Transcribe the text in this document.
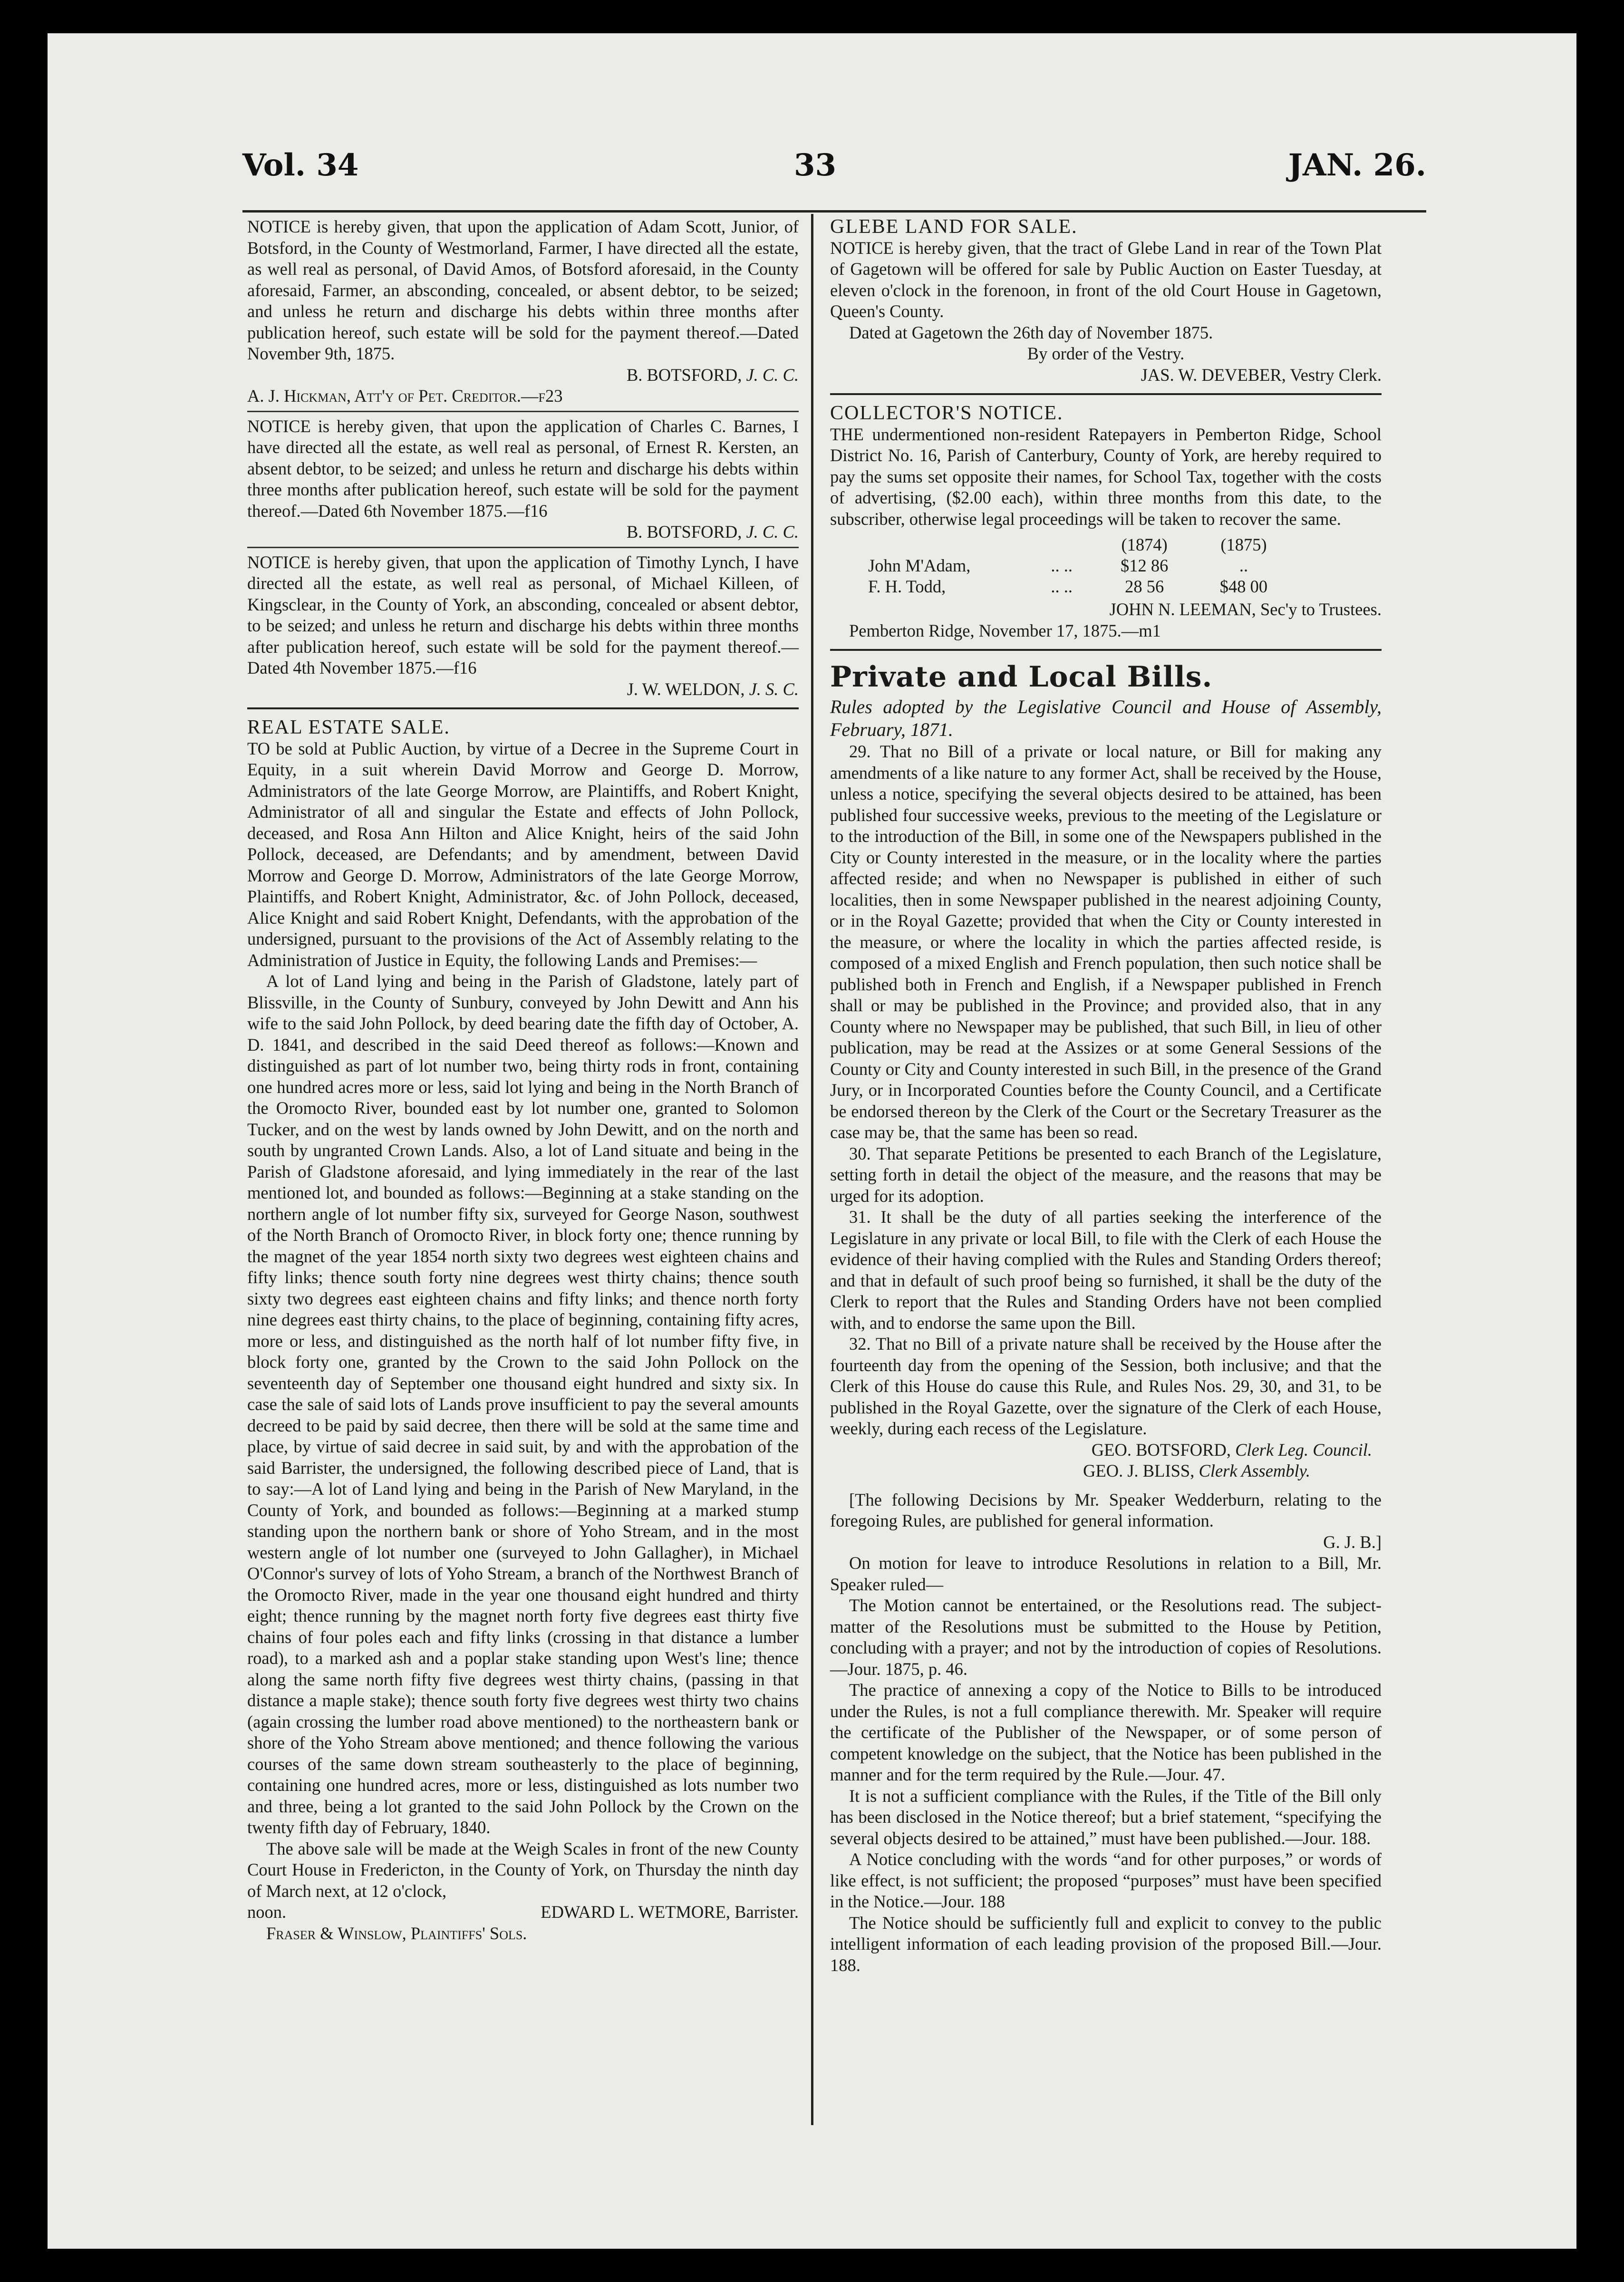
Vol. 34	33	JAN. 26.

NOTICE is hereby given, that upon the application of Adam Scott, Junior, of Botsford, in the County of Westmorland, Farmer, I have directed all the estate, as well real as personal, of David Amos, of Botsford aforesaid, in the County aforesaid, Farmer, an absconding, concealed, or absent debtor, to be seized; and unless he return and discharge his debts within three months after publication hereof, such estate will be sold for the payment thereof.—Dated November 9th, 1875.

B. BOTSFORD, J. C. C.

A. J. Hickman, Att'y of Pet. Creditor.—f23

NOTICE is hereby given, that upon the application of Charles C. Barnes, I have directed all the estate, as well real as personal, of Ernest R. Kersten, an absent debtor, to be seized; and unless he return and discharge his debts within three months after publication hereof, such estate will be sold for the payment thereof.—Dated 6th November 1875.—f16

B. BOTSFORD, J. C. C.

NOTICE is hereby given, that upon the application of Timothy Lynch, I have directed all the estate, as well real as personal, of Michael Killeen, of Kingsclear, in the County of York, an absconding, concealed or absent debtor, to be seized; and unless he return and discharge his debts within three months after publication hereof, such estate will be sold for the payment thereof.—Dated 4th November 1875.—f16

J. W. WELDON, J. S. C.

REAL ESTATE SALE.

TO be sold at Public Auction, by virtue of a Decree in the Supreme Court in Equity, in a suit wherein David Morrow and George D. Morrow, Administrators of the late George Morrow, are Plaintiffs, and Robert Knight, Administrator of all and singular the Estate and effects of John Pollock, deceased, and Rosa Ann Hilton and Alice Knight, heirs of the said John Pollock, deceased, are Defendants; and by amendment, between David Morrow and George D. Morrow, Administrators of the late George Morrow, Plaintiffs, and Robert Knight, Administrator, &c. of John Pollock, deceased, Alice Knight and said Robert Knight, Defendants, with the approbation of the undersigned, pursuant to the provisions of the Act of Assembly relating to the Administration of Justice in Equity, the following Lands and Premises:—

A lot of Land lying and being in the Parish of Gladstone, lately part of Blissville, in the County of Sunbury, conveyed by John Dewitt and Ann his wife to the said John Pollock, by deed bearing date the fifth day of October, A. D. 1841, and described in the said Deed thereof as follows:—Known and distinguished as part of lot number two, being thirty rods in front, containing one hundred acres more or less, said lot lying and being in the North Branch of the Oromocto River, bounded east by lot number one, granted to Solomon Tucker, and on the west by lands owned by John Dewitt, and on the north and south by ungranted Crown Lands. Also, a lot of Land situate and being in the Parish of Gladstone aforesaid, and lying immediately in the rear of the last mentioned lot, and bounded as follows:—Beginning at a stake standing on the northern angle of lot number fifty six, surveyed for George Nason, southwest of the North Branch of Oromocto River, in block forty one; thence running by the magnet of the year 1854 north sixty two degrees west eighteen chains and fifty links; thence south forty nine degrees west thirty chains; thence south sixty two degrees east eighteen chains and fifty links; and thence north forty nine degrees east thirty chains, to the place of beginning, containing fifty acres, more or less, and distinguished as the north half of lot number fifty five, in block forty one, granted by the Crown to the said John Pollock on the seventeenth day of September one thousand eight hundred and sixty six. In case the sale of said lots of Lands prove insufficient to pay the several amounts decreed to be paid by said decree, then there will be sold at the same time and place, by virtue of said decree in said suit, by and with the approbation of the said Barrister, the undersigned, the following described piece of Land, that is to say:—A lot of Land lying and being in the Parish of New Maryland, in the County of York, and bounded as follows:—Beginning at a marked stump standing upon the northern bank or shore of Yoho Stream, and in the most western angle of lot number one (surveyed to John Gallagher), in Michael O'Connor's survey of lots of Yoho Stream, a branch of the Northwest Branch of the Oromocto River, made in the year one thousand eight hundred and thirty eight; thence running by the magnet north forty five degrees east thirty five chains of four poles each and fifty links (crossing in that distance a lumber road), to a marked ash and a poplar stake standing upon West's line; thence along the same north fifty five degrees west thirty chains, (passing in that distance a maple stake); thence south forty five degrees west thirty two chains (again crossing the lumber road above mentioned) to the northeastern bank or shore of the Yoho Stream above mentioned; and thence following the various courses of the same down stream southeasterly to the place of beginning, containing one hundred acres, more or less, distinguished as lots number two and three, being a lot granted to the said John Pollock by the Crown on the twenty fifth day of February, 1840.

The above sale will be made at the Weigh Scales in front of the new County Court House in Fredericton, in the County of York, on Thursday the ninth day of March next, at 12 o'clock,

noon.	EDWARD L. WETMORE, Barrister.

Fraser & Winslow, Plaintiffs' Sols.

GLEBE LAND FOR SALE.

NOTICE is hereby given, that the tract of Glebe Land in rear of the Town Plat of Gagetown will be offered for sale by Public Auction on Easter Tuesday, at eleven o'clock in the forenoon, in front of the old Court House in Gagetown, Queen's County.

Dated at Gagetown the 26th day of November 1875.

By order of the Vestry.

JAS. W. DEVEBER, Vestry Clerk.

COLLECTOR'S NOTICE.

THE undermentioned non-resident Ratepayers in Pemberton Ridge, School District No. 16, Parish of Canterbury, County of York, are hereby required to pay the sums set opposite their names, for School Tax, together with the costs of advertising, ($2.00 each), within three months from this date, to the subscriber, otherwise legal proceedings will be taken to recover the same.

		(1874)	(1875)	
John M'Adam,	.. ..	$12 86	..	
F. H. Todd,	.. ..	28 56	$48 00	

JOHN N. LEEMAN, Sec'y to Trustees.

Pemberton Ridge, November 17, 1875.—m1

Private and Local Bills.

Rules adopted by the Legislative Council and House of Assembly, February, 1871.

29. That no Bill of a private or local nature, or Bill for making any amendments of a like nature to any former Act, shall be received by the House, unless a notice, specifying the several objects desired to be attained, has been published four successive weeks, previous to the meeting of the Legislature or to the introduction of the Bill, in some one of the Newspapers published in the City or County interested in the measure, or in the locality where the parties affected reside; and when no Newspaper is published in either of such localities, then in some Newspaper published in the nearest adjoining County, or in the Royal Gazette; provided that when the City or County interested in the measure, or where the locality in which the parties affected reside, is composed of a mixed English and French population, then such notice shall be published both in French and English, if a Newspaper published in French shall or may be published in the Province; and provided also, that in any County where no Newspaper may be published, that such Bill, in lieu of other publication, may be read at the Assizes or at some General Sessions of the County or City and County interested in such Bill, in the presence of the Grand Jury, or in Incorporated Counties before the County Council, and a Certificate be endorsed thereon by the Clerk of the Court or the Secretary Treasurer as the case may be, that the same has been so read.

30. That separate Petitions be presented to each Branch of the Legislature, setting forth in detail the object of the measure, and the reasons that may be urged for its adoption.

31. It shall be the duty of all parties seeking the interference of the Legislature in any private or local Bill, to file with the Clerk of each House the evidence of their having complied with the Rules and Standing Orders thereof; and that in default of such proof being so furnished, it shall be the duty of the Clerk to report that the Rules and Standing Orders have not been complied with, and to endorse the same upon the Bill.

32. That no Bill of a private nature shall be received by the House after the fourteenth day from the opening of the Session, both inclusive; and that the Clerk of this House do cause this Rule, and Rules Nos. 29, 30, and 31, to be published in the Royal Gazette, over the signature of the Clerk of each House, weekly, during each recess of the Legislature.

GEO. BOTSFORD, Clerk Leg. Council.

GEO. J. BLISS, Clerk Assembly.

[The following Decisions by Mr. Speaker Wedderburn, relating to the foregoing Rules, are published for general information.

G. J. B.]

On motion for leave to introduce Resolutions in relation to a Bill, Mr. Speaker ruled—

The Motion cannot be entertained, or the Resolutions read. The subject-matter of the Resolutions must be submitted to the House by Petition, concluding with a prayer; and not by the introduction of copies of Resolutions.—Jour. 1875, p. 46.

The practice of annexing a copy of the Notice to Bills to be introduced under the Rules, is not a full compliance therewith. Mr. Speaker will require the certificate of the Publisher of the Newspaper, or of some person of competent knowledge on the subject, that the Notice has been published in the manner and for the term required by the Rule.—Jour. 47.

It is not a sufficient compliance with the Rules, if the Title of the Bill only has been disclosed in the Notice thereof; but a brief statement, “specifying the several objects desired to be attained,” must have been published.—Jour. 188.

A Notice concluding with the words “and for other purposes,” or words of like effect, is not sufficient; the proposed “purposes” must have been specified in the Notice.—Jour. 188

The Notice should be sufficiently full and explicit to convey to the public intelligent information of each leading provision of the proposed Bill.—Jour. 188.
